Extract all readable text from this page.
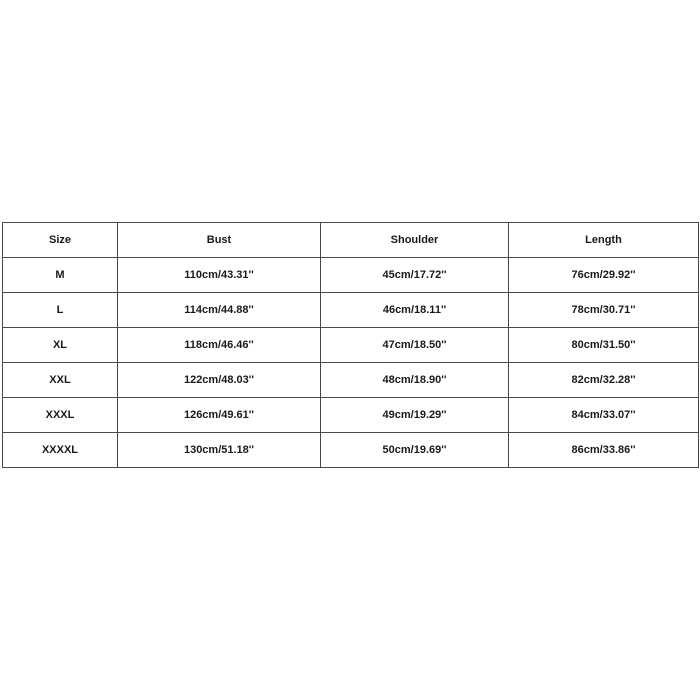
Size	Bust	Shoulder	Length
M	110cm/43.31''	45cm/17.72''	76cm/29.92''
L	114cm/44.88''	46cm/18.11''	78cm/30.71''
XL	118cm/46.46''	47cm/18.50''	80cm/31.50''
XXL	122cm/48.03''	48cm/18.90''	82cm/32.28''
XXXL	126cm/49.61''	49cm/19.29''	84cm/33.07''
XXXXL	130cm/51.18''	50cm/19.69''	86cm/33.86''
